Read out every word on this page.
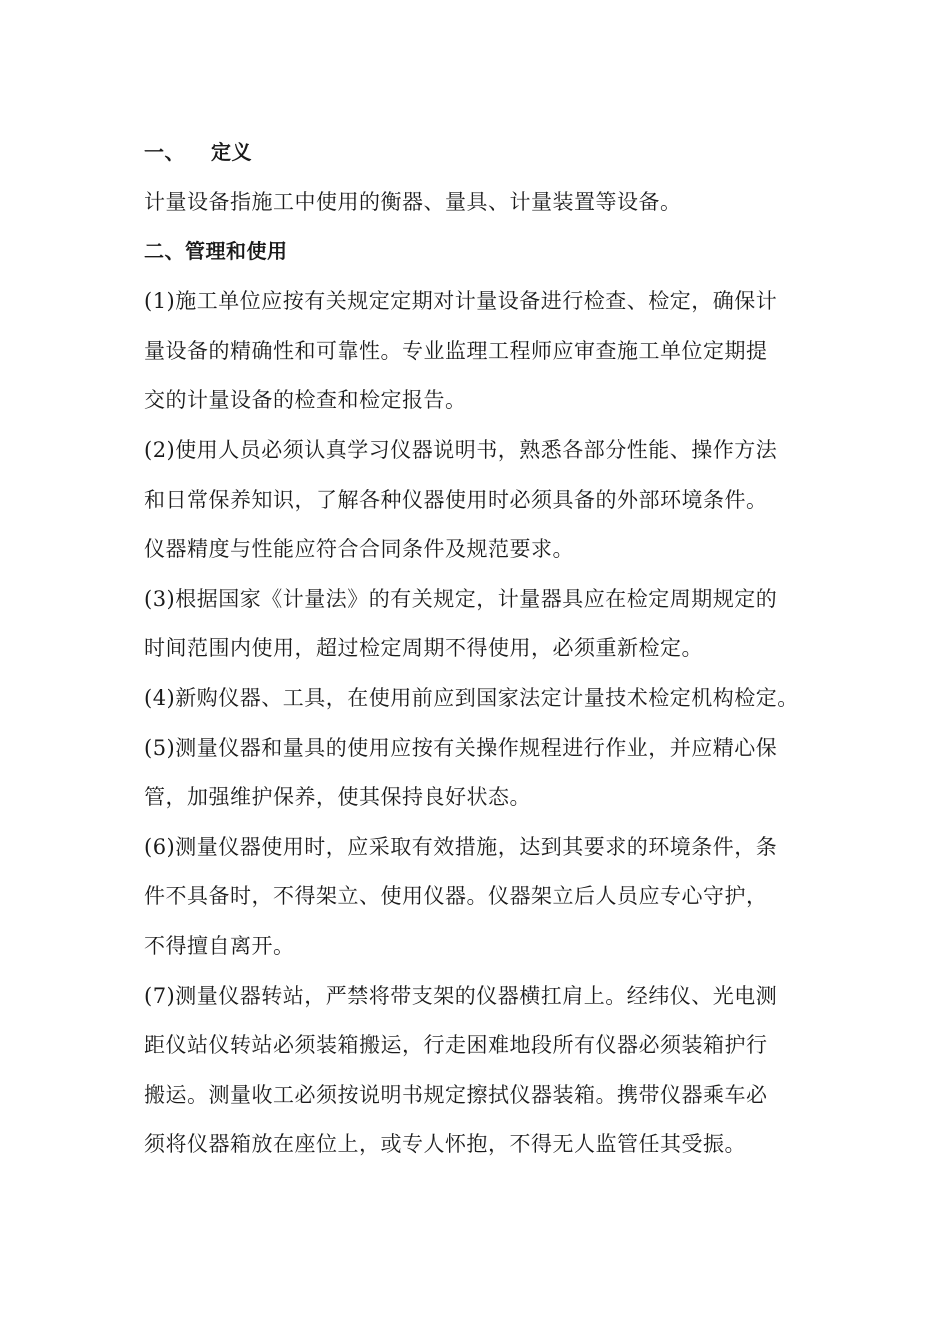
一、 定义
计量设备指施工中使用的衡器、量具、计量装置等设备。
二、管理和使用
(1)施工单位应按有关规定定期对计量设备进行检查、检定，确保计
量设备的精确性和可靠性。专业监理工程师应审查施工单位定期提
交的计量设备的检查和检定报告。
(2)使用人员必须认真学习仪器说明书，熟悉各部分性能、操作方法
和日常保养知识，了解各种仪器使用时必须具备的外部环境条件。
仪器精度与性能应符合合同条件及规范要求。
(3)根据国家《计量法》的有关规定，计量器具应在检定周期规定的
时间范围内使用，超过检定周期不得使用，必须重新检定。
(4)新购仪器、工具，在使用前应到国家法定计量技术检定机构检定。
(5)测量仪器和量具的使用应按有关操作规程进行作业，并应精心保
管，加强维护保养，使其保持良好状态。
(6)测量仪器使用时，应采取有效措施，达到其要求的环境条件，条
件不具备时，不得架立、使用仪器。仪器架立后人员应专心守护，
不得擅自离开。
(7)测量仪器转站，严禁将带支架的仪器横扛肩上。经纬仪、光电测
距仪站仪转站必须装箱搬运，行走困难地段所有仪器必须装箱护行
搬运。测量收工必须按说明书规定擦拭仪器装箱。携带仪器乘车必
须将仪器箱放在座位上，或专人怀抱，不得无人监管任其受振。
